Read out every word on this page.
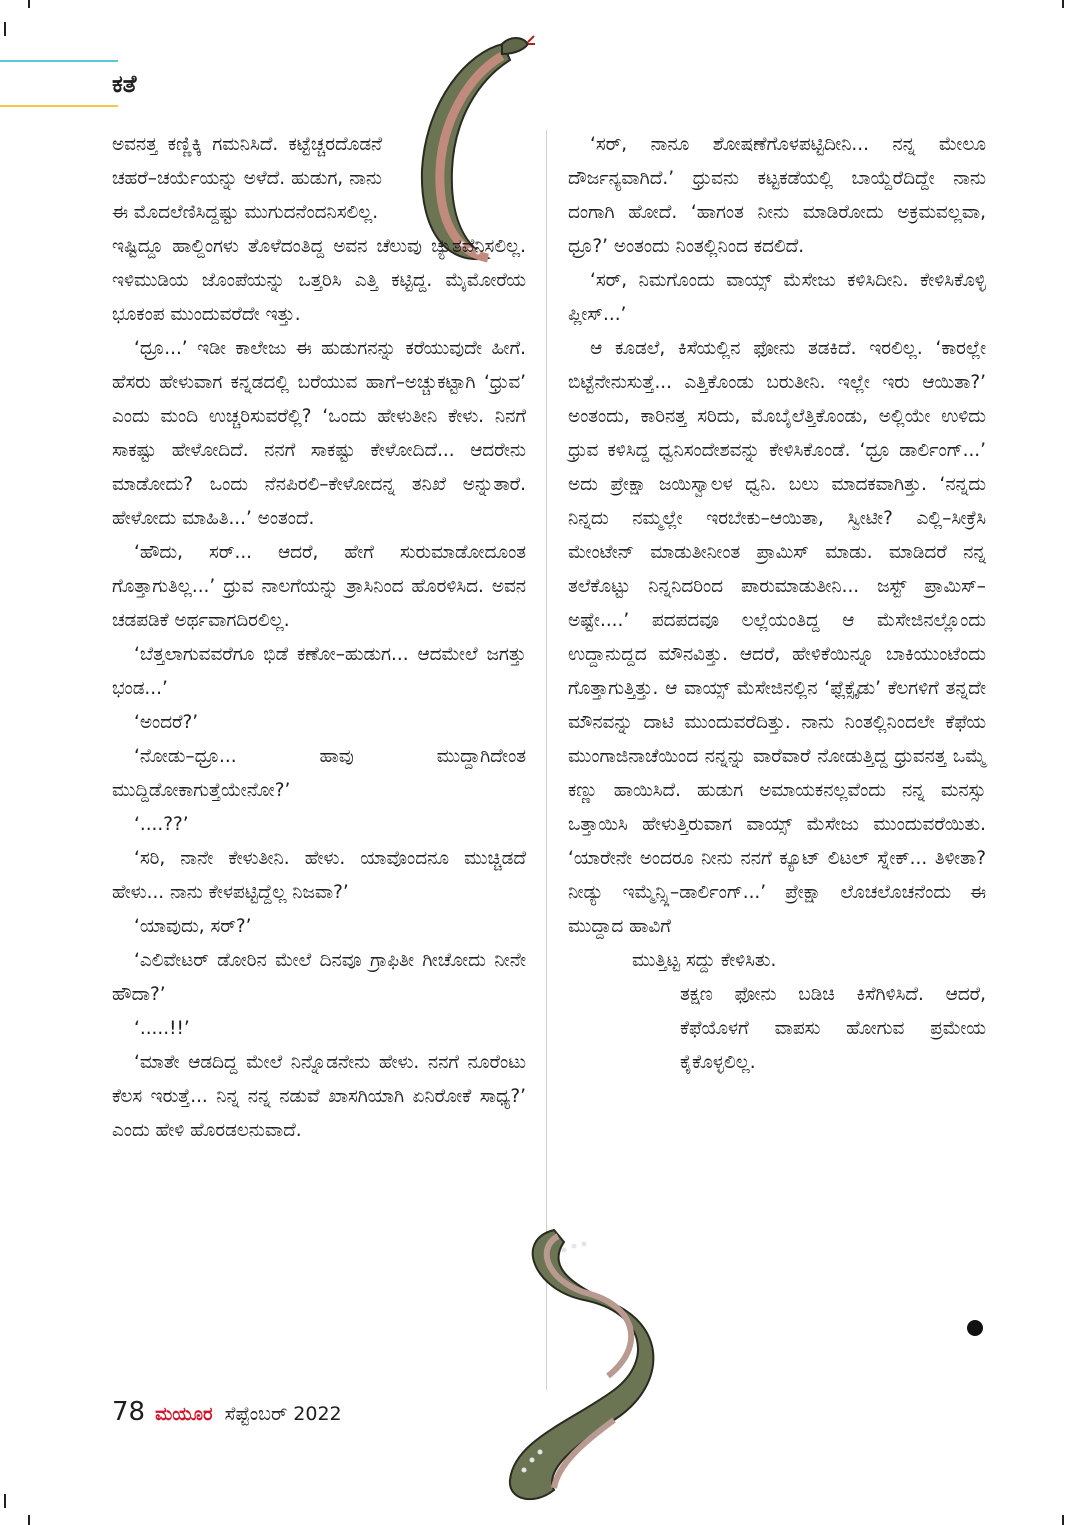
ಕತೆ

ಅವನತ್ತ ಕಣ್ಣಿಕ್ಕಿ ಗಮನಿಸಿದೆ. ಕಟ್ಟೆಚ್ಚರದೊಡನೆ ಚಹರೆ–ಚರ್ಯೆಯನ್ನು ಅಳೆದೆ. ಹುಡುಗ, ನಾನು ಈ ಮೊದಲೆಣಿಸಿದ್ದಷ್ಟು ಮುಗುದನೆಂದನಿಸಲಿಲ್ಲ.

ಇಷ್ಟಿದ್ದೂ ಹಾಲ್ದಿಂಗಳು ತೊಳೆದಂತಿದ್ದ ಅವನ ಚೆಲುವು ಚ್ಯುತವೆನಿಸಲಿಲ್ಲ. ಇಳಿಮುಡಿಯ ಜೊಂಪೆಯನ್ನು ಒತ್ತರಿಸಿ ಎತ್ತಿ ಕಟ್ಟಿದ್ದ. ಮೈಮೋರೆಯ ಭೂಕಂಪ ಮುಂದುವರೆದೇ ಇತ್ತು.

‘ಧ್ರೂ...’ ಇಡೀ ಕಾಲೇಜು ಈ ಹುಡುಗನನ್ನು ಕರೆಯುವುದೇ ಹೀಗೆ. ಹೆಸರು ಹೇಳುವಾಗ ಕನ್ನಡದಲ್ಲಿ ಬರೆಯುವ ಹಾಗೆ–ಅಚ್ಚುಕಟ್ಟಾಗಿ ‘ಧ್ರುವ’ ಎಂದು ಮಂದಿ ಉಚ್ಚರಿಸುವರೆಲ್ಲಿ? ‘ಒಂದು ಹೇಳುತೀನಿ ಕೇಳು. ನಿನಗೆ ಸಾಕಷ್ಟು ಹೇಳೋದಿದೆ. ನನಗೆ ಸಾಕಷ್ಟು ಕೇಳೋದಿದೆ... ಆದರೇನು ಮಾಡೋದು? ಒಂದು ನೆನಪಿರಲಿ–ಕೇಳೋದನ್ನ ತನಿಖೆ ಅನ್ನುತಾರೆ. ಹೇಳೋದು ಮಾಹಿತಿ...’ ಅಂತಂದೆ.

‘ಹೌದು, ಸರ್... ಆದರೆ, ಹೇಗೆ ಸುರುಮಾಡೋದೂಂತ ಗೊತ್ತಾಗುತಿಲ್ಲ...’ ಧ್ರುವ ನಾಲಗೆಯನ್ನು ತ್ರಾಸಿನಿಂದ ಹೊರಳಿಸಿದ. ಅವನ ಚಡಪಡಿಕೆ ಅರ್ಥವಾಗದಿರಲಿಲ್ಲ.

‘ಬೆತ್ತಲಾಗುವವರೆಗೂ ಭಿಡೆ ಕಣೋ–ಹುಡುಗ... ಆದಮೇಲೆ ಜಗತ್ತು ಭಂಡ...’

‘ಅಂದರೆ?’

‘ನೋಡು–ಧ್ರೂ... ಹಾವು ಮುದ್ದಾಗಿದೇಂತ ಮುದ್ದಿಡೋಕಾಗುತ್ತೆಯೇನೋ?’

‘....??’

‘ಸರಿ, ನಾನೇ ಕೇಳುತೀನಿ. ಹೇಳು. ಯಾವೊಂದನೂ ಮುಚ್ಚಿಡದೆ ಹೇಳು... ನಾನು ಕೇಳಪಟ್ಟಿದ್ದೆಲ್ಲ ನಿಜವಾ?’

‘ಯಾವುದು, ಸರ್?’

‘ಎಲಿವೇಟರ್ ಡೋರಿನ ಮೇಲೆ ದಿನವೂ ಗ್ರಾಫಿತೀ ಗೀಚೋದು ನೀನೇ ಹೌದಾ?’

‘.....!!’

‘ಮಾತೇ ಆಡದಿದ್ದ ಮೇಲೆ ನಿನ್ನೊಡನೇನು ಹೇಳು. ನನಗೆ ನೂರೆಂಟು ಕೆಲಸ ಇರುತ್ತೆ... ನಿನ್ನ ನನ್ನ ನಡುವೆ ಖಾಸಗಿಯಾಗಿ ಏನಿರೋಕೆ ಸಾಧ್ಯ?’ ಎಂದು ಹೇಳಿ ಹೊರಡಲನುವಾದೆ.

‘ಸರ್, ನಾನೂ ಶೋಷಣೆಗೊಳಪಟ್ಟಿದೀನಿ... ನನ್ನ ಮೇಲೂ ದೌರ್ಜನ್ಯವಾಗಿದೆ.’ ಧ್ರುವನು ಕಟ್ಟಕಡೆಯಲ್ಲಿ ಬಾಯ್ದೆರೆದಿದ್ದೇ ನಾನು ದಂಗಾಗಿ ಹೋದೆ. ‘ಹಾಗಂತ ನೀನು ಮಾಡಿರೋದು ಅಕ್ರಮವಲ್ಲವಾ, ಧ್ರೂ?’ ಅಂತಂದು ನಿಂತಲ್ಲಿನಿಂದ ಕದಲಿದೆ.

‘ಸರ್, ನಿಮಗೊಂದು ವಾಯ್ಸ್ ಮೆಸೇಜು ಕಳಿಸಿದೀನಿ. ಕೇಳಿಸಿಕೊಳ್ಳಿ ಪ್ಲೀಸ್...’

ಆ ಕೂಡಲೆ, ಕಿಸೆಯಲ್ಲಿನ ಫೋನು ತಡಕಿದೆ. ಇರಲಿಲ್ಲ. ‘ಕಾರಲ್ಲೇ ಬಿಟ್ಟೆನೇನುಸುತ್ತೆ... ಎತ್ತಿಕೊಂಡು ಬರುತೀನಿ. ಇಲ್ಲೇ ಇರು ಆಯಿತಾ?’ ಅಂತಂದು, ಕಾರಿನತ್ತ ಸರಿದು, ಮೊಬೈಲೆತ್ತಿಕೊಂಡು, ಅಲ್ಲಿಯೇ ಉಳಿದು ಧ್ರುವ ಕಳಿಸಿದ್ದ ಧ್ವನಿಸಂದೇಶವನ್ನು ಕೇಳಿಸಿಕೊಂಡೆ. ‘ಧ್ರೂ ಡಾರ್ಲಿಂಗ್...’ ಅದು ಪ್ರೇಕ್ಷಾ ಜಯಿಸ್ವಾಲಳ ಧ್ವನಿ. ಬಲು ಮಾದಕವಾಗಿತ್ತು. ‘ನನ್ನದು ನಿನ್ನದು ನಮ್ಮಲ್ಲೇ ಇರಬೇಕು–ಆಯಿತಾ, ಸ್ವೀಟೀ? ಎಲ್ಲಿ–ಸೀಕ್ರೆಸಿ ಮೇಂಟೇನ್ ಮಾಡುತೀನೀಂತ ಪ್ರಾಮಿಸ್ ಮಾಡು. ಮಾಡಿದರೆ ನನ್ನ ತಲೆಕೊಟ್ಟು ನಿನ್ನನಿದರಿಂದ ಪಾರುಮಾಡುತೀನಿ... ಜಸ್ಟ್ ಪ್ರಾಮಿಸ್–ಅಷ್ಟೇ....’ ಪದಪದವೂ ಲಲ್ಲೆಯಂತಿದ್ದ ಆ ಮೆಸೇಜಿನಲ್ಲೊಂದು ಉದ್ದಾನುದ್ದದ ಮೌನವಿತ್ತು. ಆದರೆ, ಹೇಳಿಕೆಯಿನ್ನೂ ಬಾಕಿಯುಂಟೆಂದು ಗೊತ್ತಾಗುತ್ತಿತ್ತು. ಆ ವಾಯ್ಸ್ ಮೆಸೇಜಿನಲ್ಲಿನ ‘ಫ್ಲೆಕ್ಸೈಡು’ ಕೆಲಗಳಿಗೆ ತನ್ನದೇ ಮೌನವನ್ನು ದಾಟಿ ಮುಂದುವರೆದಿತ್ತು. ನಾನು ನಿಂತಲ್ಲಿನಿಂದಲೇ ಕೆಫೆಯ ಮುಂಗಾಜಿನಾಚೆಯಿಂದ ನನ್ನನ್ನು ವಾರೆವಾರೆ ನೋಡುತ್ತಿದ್ದ ಧ್ರುವನತ್ತ ಒಮ್ಮೆ ಕಣ್ಣು ಹಾಯಿಸಿದೆ. ಹುಡುಗ ಅಮಾಯಕನಲ್ಲವೆಂದು ನನ್ನ ಮನಸ್ಸು ಒತ್ತಾಯಿಸಿ ಹೇಳುತ್ತಿರುವಾಗ ವಾಯ್ಸ್ ಮೆಸೇಜು ಮುಂದುವರೆಯಿತು. ‘ಯಾರೇನೇ ಅಂದರೂ ನೀನು ನನಗೆ ಕ್ಯೂಟ್ ಲಿಟಲ್ ಸ್ನೇಕ್... ತಿಳೀತಾ? ನೀಡ್ಯು ಇಮ್ಮೆನ್ಸ್ಲಿ–ಡಾರ್ಲಿಂಗ್...’ ಪ್ರೇಕ್ಷಾ ಲೊಚಲೊಚನೆಂದು ಈ ಮುದ್ದಾದ ಹಾವಿಗೆ

ಮುತ್ತಿಟ್ಟ ಸದ್ದು ಕೇಳಿಸಿತು.

ತಕ್ಷಣ ಫೋನು ಬಡಿಚಿ ಕಿಸೆಗಿಳಿಸಿದೆ. ಆದರೆ, ಕೆಫೆಯೊಳಗೆ ವಾಪಸು ಹೋಗುವ ಪ್ರಮೇಯ ಕೈಕೊಳ್ಳಲಿಲ್ಲ.

78 ಮಯೂರ ಸೆಪ್ಟೆಂಬರ್ 2022
